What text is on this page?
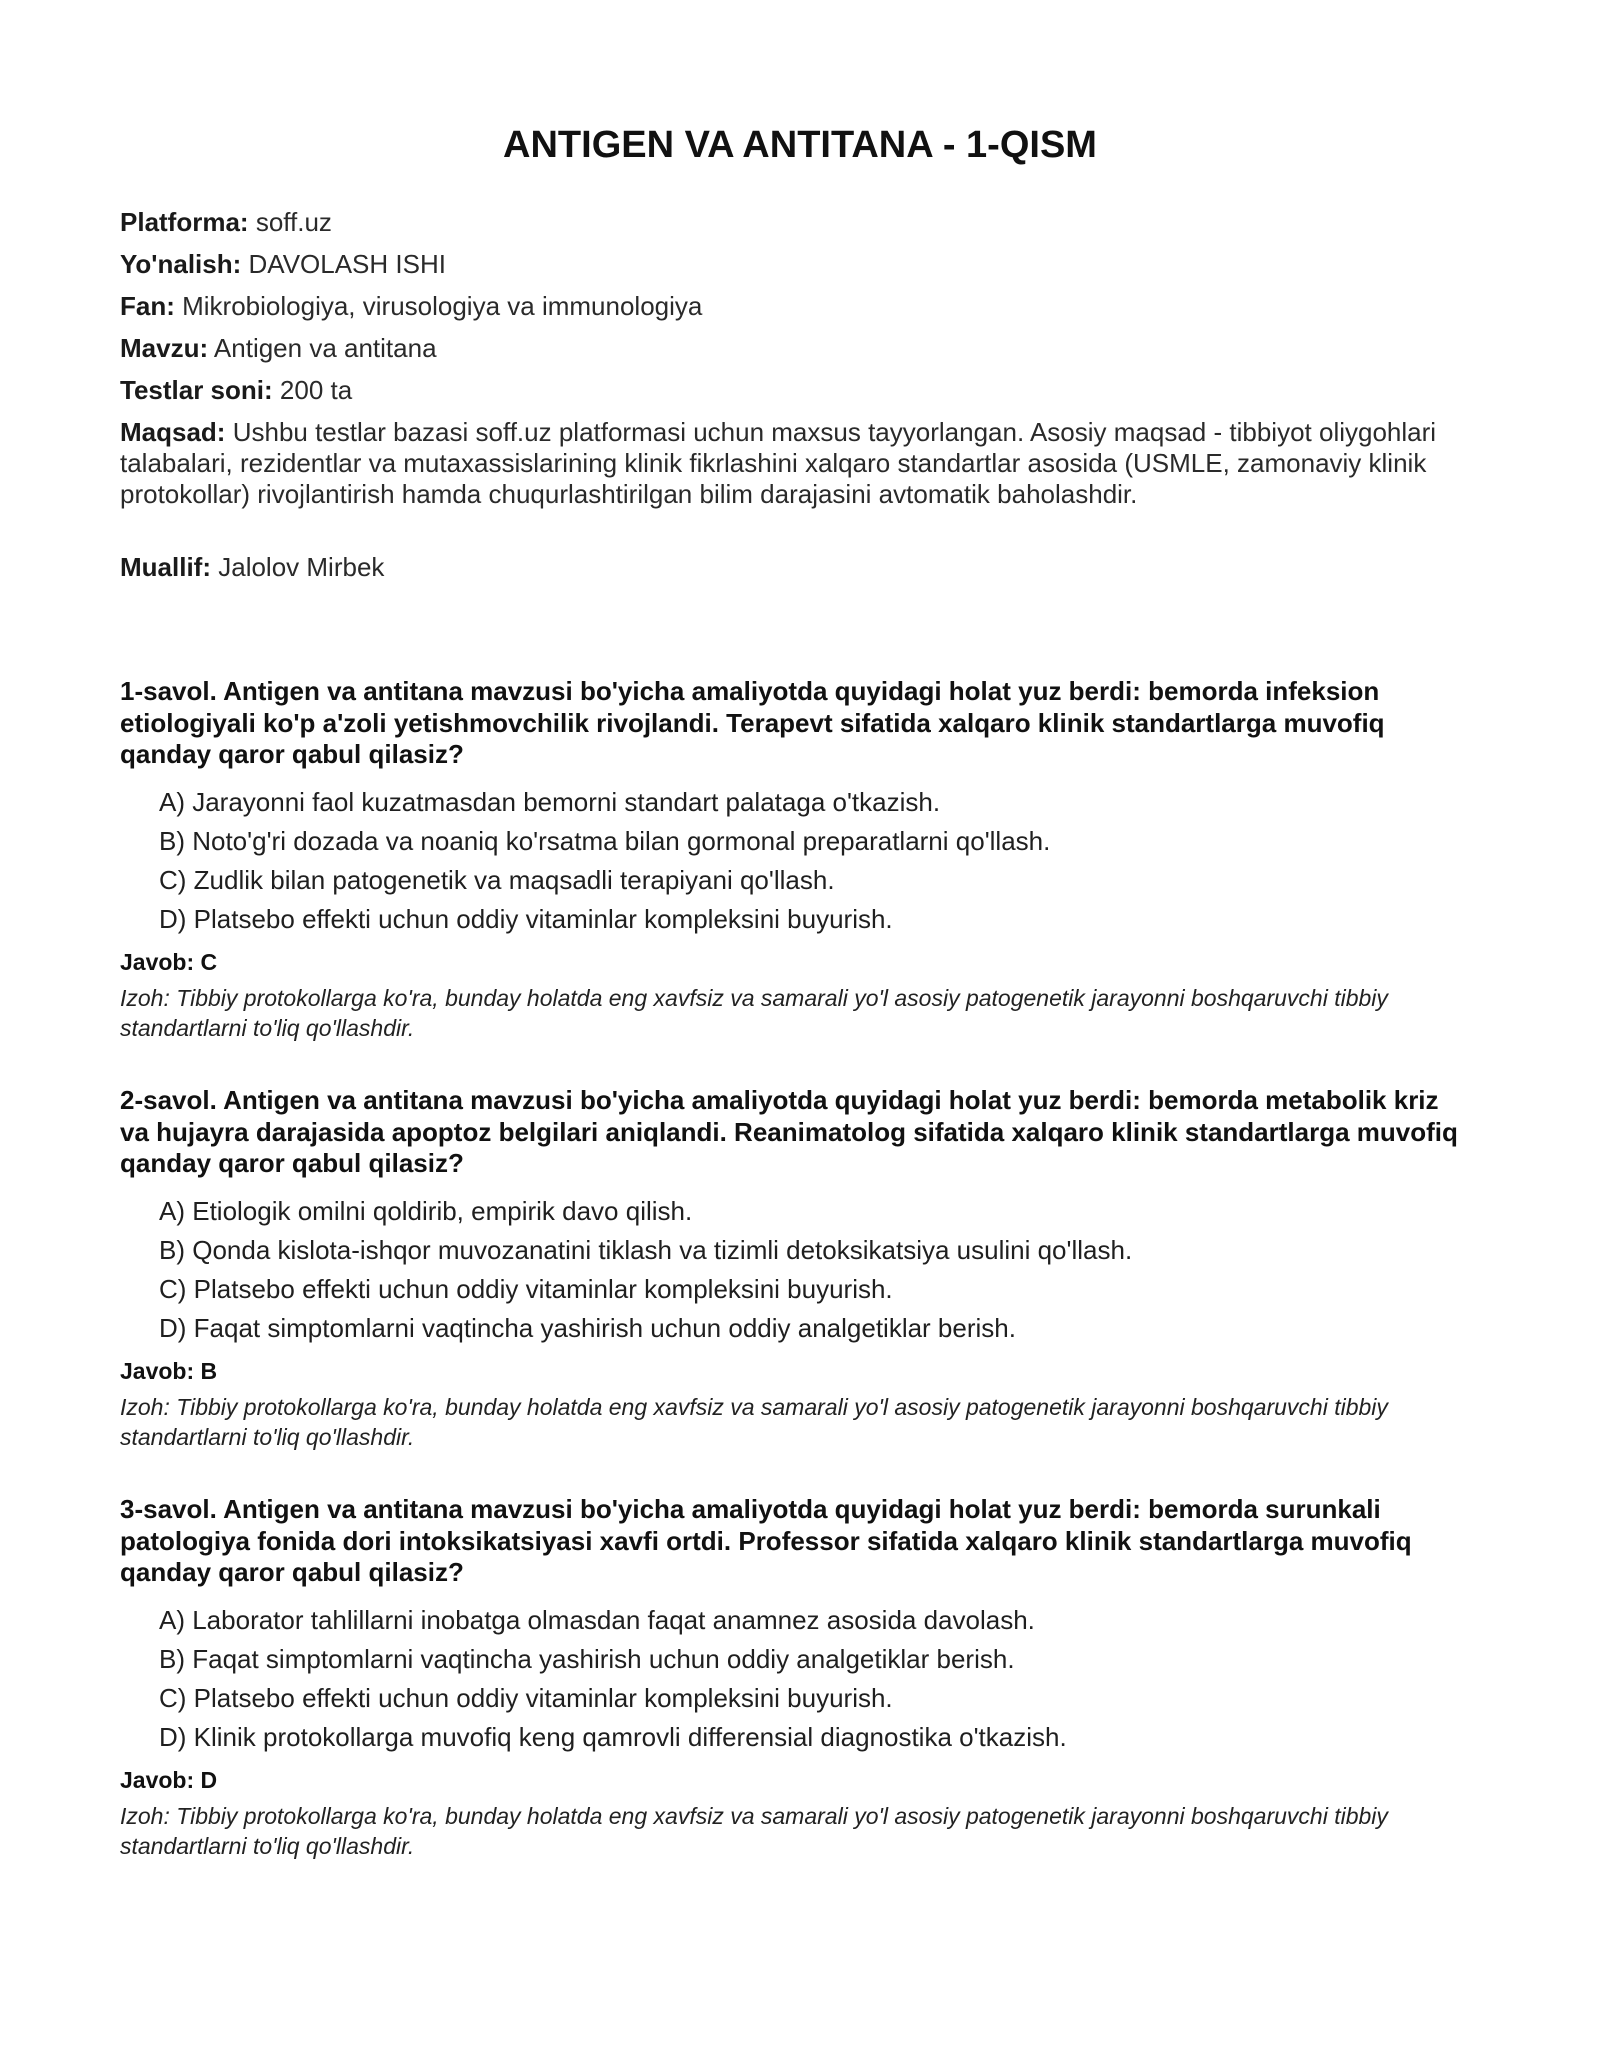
ANTIGEN VA ANTITANA - 1-QISM
Platforma: soff.uz
Yo'nalish: DAVOLASH ISHI
Fan: Mikrobiologiya, virusologiya va immunologiya
Mavzu: Antigen va antitana
Testlar soni: 200 ta
Maqsad: Ushbu testlar bazasi soff.uz platformasi uchun maxsus tayyorlangan. Asosiy maqsad - tibbiyot oliygohlari talabalari, rezidentlar va mutaxassislarining klinik fikrlashini xalqaro standartlar asosida (USMLE, zamonaviy klinik protokollar) rivojlantirish hamda chuqurlashtirilgan bilim darajasini avtomatik baholashdir.
Muallif: Jalolov Mirbek
1-savol. Antigen va antitana mavzusi bo'yicha amaliyotda quyidagi holat yuz berdi: bemorda infeksion etiologiyali ko'p a'zoli yetishmovchilik rivojlandi. Terapevt sifatida xalqaro klinik standartlarga muvofiq qanday qaror qabul qilasiz?
A) Jarayonni faol kuzatmasdan bemorni standart palataga o'tkazish.
B) Noto'g'ri dozada va noaniq ko'rsatma bilan gormonal preparatlarni qo'llash.
C) Zudlik bilan patogenetik va maqsadli terapiyani qo'llash.
D) Platsebo effekti uchun oddiy vitaminlar kompleksini buyurish.
Javob: C
Izoh: Tibbiy protokollarga ko'ra, bunday holatda eng xavfsiz va samarali yo'l asosiy patogenetik jarayonni boshqaruvchi tibbiy standartlarni to'liq qo'llashdir.
2-savol. Antigen va antitana mavzusi bo'yicha amaliyotda quyidagi holat yuz berdi: bemorda metabolik kriz va hujayra darajasida apoptoz belgilari aniqlandi. Reanimatolog sifatida xalqaro klinik standartlarga muvofiq qanday qaror qabul qilasiz?
A) Etiologik omilni qoldirib, empirik davo qilish.
B) Qonda kislota-ishqor muvozanatini tiklash va tizimli detoksikatsiya usulini qo'llash.
C) Platsebo effekti uchun oddiy vitaminlar kompleksini buyurish.
D) Faqat simptomlarni vaqtincha yashirish uchun oddiy analgetiklar berish.
Javob: B
Izoh: Tibbiy protokollarga ko'ra, bunday holatda eng xavfsiz va samarali yo'l asosiy patogenetik jarayonni boshqaruvchi tibbiy standartlarni to'liq qo'llashdir.
3-savol. Antigen va antitana mavzusi bo'yicha amaliyotda quyidagi holat yuz berdi: bemorda surunkali patologiya fonida dori intoksikatsiyasi xavfi ortdi. Professor sifatida xalqaro klinik standartlarga muvofiq qanday qaror qabul qilasiz?
A) Laborator tahlillarni inobatga olmasdan faqat anamnez asosida davolash.
B) Faqat simptomlarni vaqtincha yashirish uchun oddiy analgetiklar berish.
C) Platsebo effekti uchun oddiy vitaminlar kompleksini buyurish.
D) Klinik protokollarga muvofiq keng qamrovli differensial diagnostika o'tkazish.
Javob: D
Izoh: Tibbiy protokollarga ko'ra, bunday holatda eng xavfsiz va samarali yo'l asosiy patogenetik jarayonni boshqaruvchi tibbiy standartlarni to'liq qo'llashdir.
